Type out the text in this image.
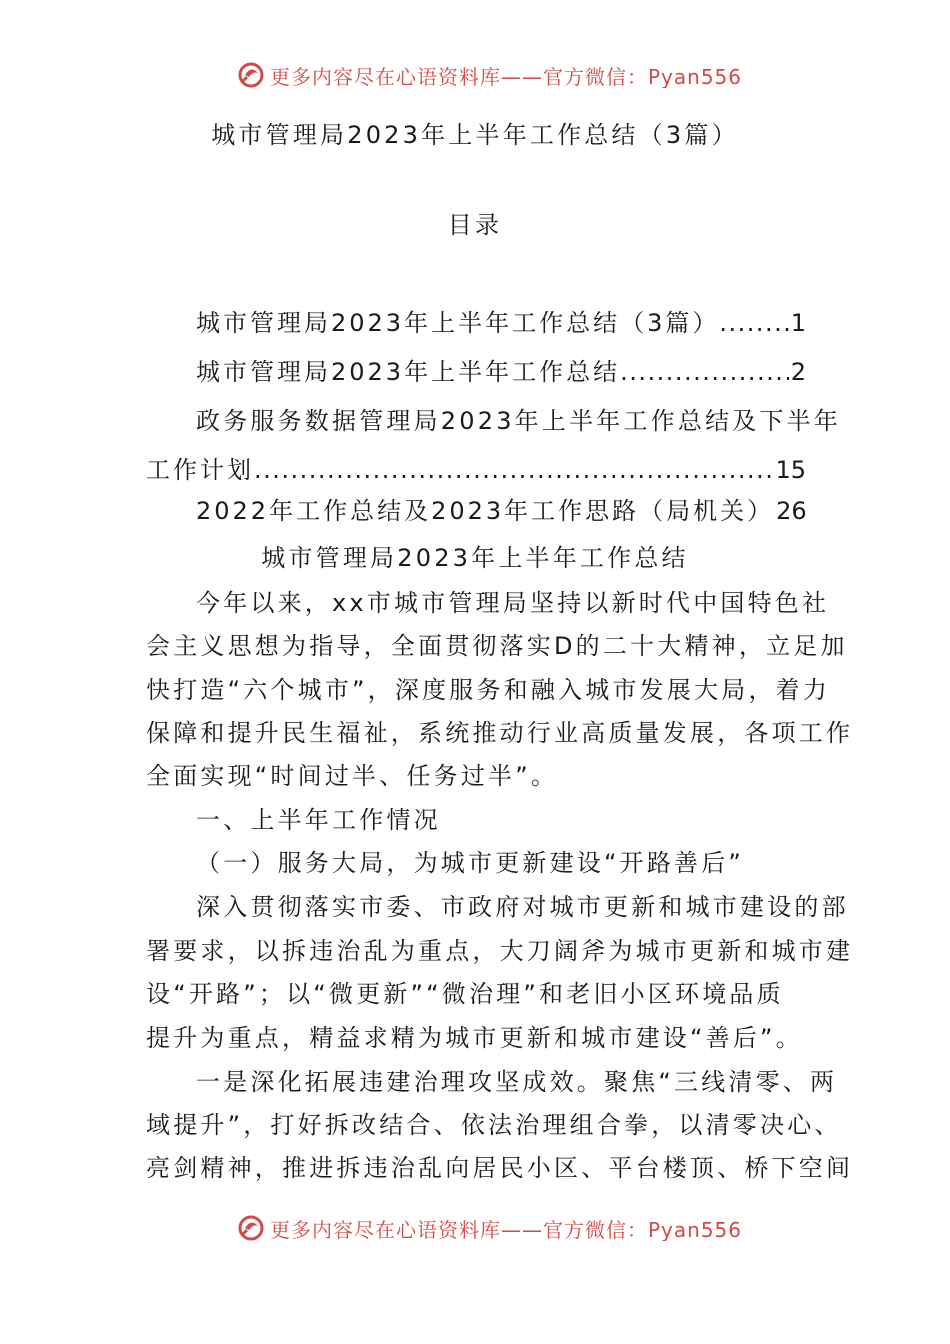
更多内容尽在心语资料库——官方微信：Pyan556
城市管理局2023年上半年工作总结（3篇）
目录
城市管理局2023年上半年工作总结（3篇） .....	1
城市管理局2023年上半年工作总结 .....	2
政务服务数据管理局2023年上半年工作总结及下半年
工作计划 .....	15
2022年工作总结及2023年工作思路（局机关） 26
城市管理局2023年上半年工作总结
今年以来，xx市城市管理局坚持以新时代中国特色社
会主义思想为指导，全面贯彻落实D的二十大精神，立足加
快打造“六个城市”，深度服务和融入城市发展大局，着力
保障和提升民生福祉，系统推动行业高质量发展，各项工作
全面实现“时间过半、任务过半”。
一、上半年工作情况
（一）服务大局，为城市更新建设“开路善后”
深入贯彻落实市委、市政府对城市更新和城市建设的部
署要求，以拆违治乱为重点，大刀阔斧为城市更新和城市建
设“开路”；以“微更新”“微治理”和老旧小区环境品质
提升为重点，精益求精为城市更新和城市建设“善后”。
一是深化拓展违建治理攻坚成效。聚焦“三线清零、两
域提升”，打好拆改结合、依法治理组合拳，以清零决心、
亮剑精神，推进拆违治乱向居民小区、平台楼顶、桥下空间
更多内容尽在心语资料库——官方微信：Pyan556
